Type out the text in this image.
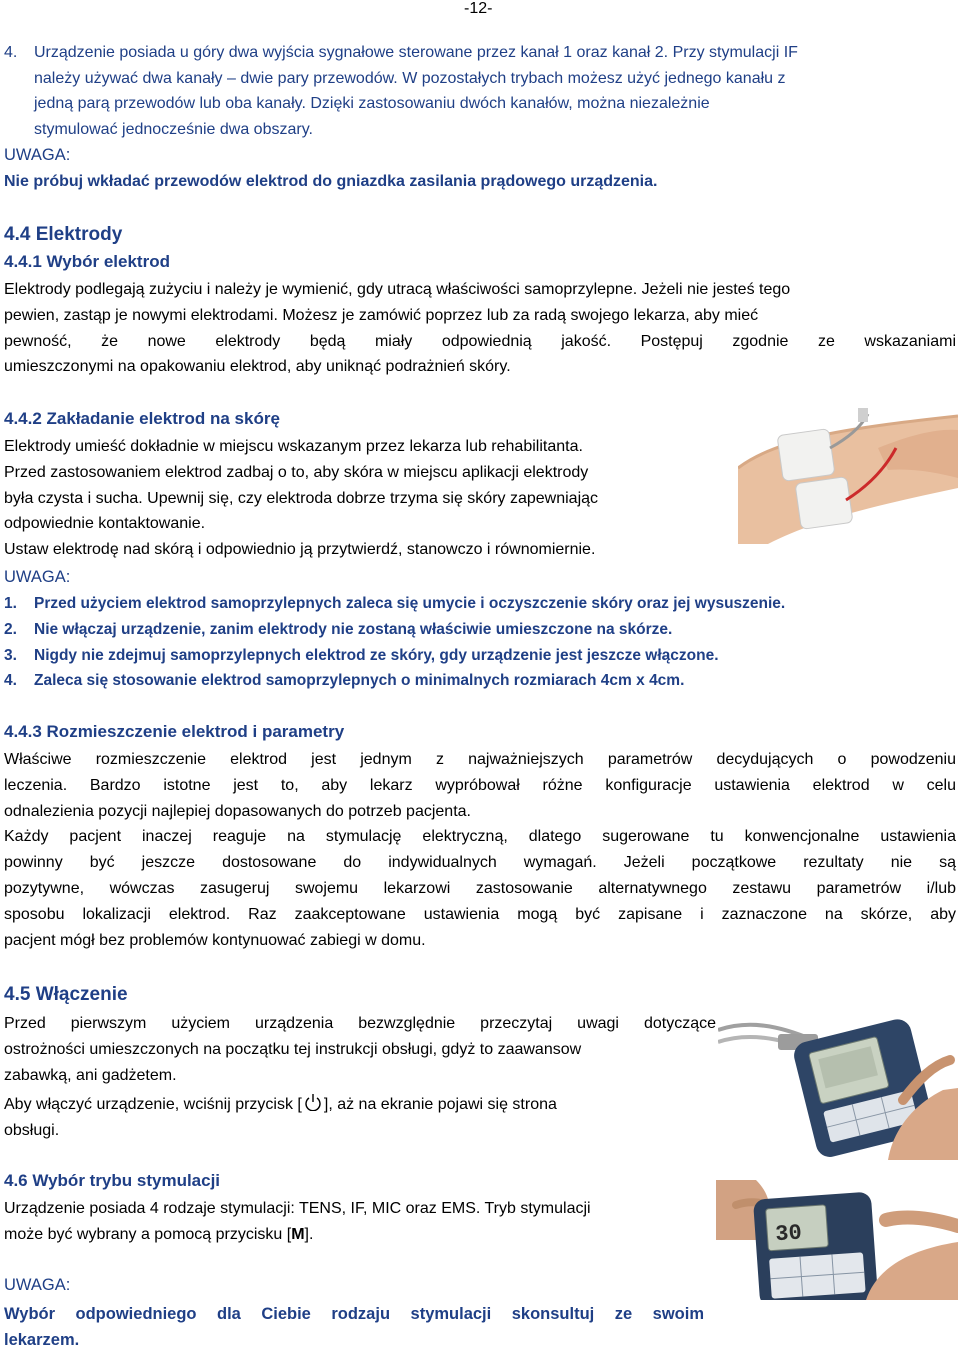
-12-
4. Urządzenie posiada u góry dwa wyjścia sygnałowe sterowane przez kanał 1 oraz kanał 2. Przy stymulacji IF
należy używać dwa kanały – dwie pary przewodów. W pozostałych trybach możesz użyć jednego kanału z
jedną parą przewodów lub oba kanały. Dzięki zastosowaniu dwóch kanałów, można niezależnie
stymulować jednocześnie dwa obszary.
UWAGA:
Nie próbuj wkładać przewodów elektrod do gniazdka zasilania prądowego urządzenia.
4.4 Elektrody
4.4.1 Wybór elektrod
Elektrody podlegają zużyciu i należy je wymienić, gdy utracą właściwości samoprzylepne. Jeżeli nie jesteś tego
pewien, zastąp je nowymi elektrodami. Możesz je zamówić poprzez lub za radą swojego lekarza, aby mieć
pewność, że nowe elektrody będą miały odpowiednią jakość. Postępuj zgodnie ze wskazaniami
umieszczonymi na opakowaniu elektrod, aby uniknąć podrażnień skóry.
4.4.2 Zakładanie elektrod na skórę
Elektrody umieść dokładnie w miejscu wskazanym przez lekarza lub rehabilitanta.
Przed zastosowaniem elektrod zadbaj o to, aby skóra w miejscu aplikacji elektrody
była czysta i sucha. Upewnij się, czy elektroda dobrze trzyma się skóry zapewniając
odpowiednie kontaktowanie.
Ustaw elektrodę nad skórą i odpowiednio ją przytwierdź, stanowczo i równomiernie.
UWAGA:
1. Przed użyciem elektrod samoprzylepnych zaleca się umycie i oczyszczenie skóry oraz jej wysuszenie.
2. Nie włączaj urządzenie, zanim elektrody nie zostaną właściwie umieszczone na skórze.
3. Nigdy nie zdejmuj samoprzylepnych elektrod ze skóry, gdy urządzenie jest jeszcze włączone.
4. Zaleca się stosowanie elektrod samoprzylepnych o minimalnych rozmiarach 4cm x 4cm.
4.4.3 Rozmieszczenie elektrod i parametry
Właściwe rozmieszczenie elektrod jest jednym z najważniejszych parametrów decydujących o powodzeniu
leczenia. Bardzo istotne jest to, aby lekarz wypróbował różne konfiguracje ustawienia elektrod w celu
odnalezienia pozycji najlepiej dopasowanych do potrzeb pacjenta.
Każdy pacjent inaczej reaguje na stymulację elektryczną, dlatego sugerowane tu konwencjonalne ustawienia
powinny być jeszcze dostosowane do indywidualnych wymagań. Jeżeli początkowe rezultaty nie są
pozytywne, wówczas zasugeruj swojemu lekarzowi zastosowanie alternatywnego zestawu parametrów i/lub
sposobu lokalizacji elektrod. Raz zaakceptowane ustawienia mogą być zapisane i zaznaczone na skórze, aby
pacjent mógł bez problemów kontynuować zabiegi w domu.
4.5 Włączenie
Przed pierwszym użyciem urządzenia bezwzględnie przeczytaj uwagi dotyczące
ostrożności umieszczonych na początku tej instrukcji obsługi, gdyż to zaawansow
zabawką, ani gadżetem.
Aby włączyć urządzenie, wciśnij przycisk [ ], aż na ekranie pojawi się strona
obsługi.
4.6 Wybór trybu stymulacji
Urządzenie posiada 4 rodzaje stymulacji: TENS, IF, MIC oraz EMS. Tryb stymulacji
może być wybrany a pomocą przycisku [M].
UWAGA:
Wybór odpowiedniego dla Ciebie rodzaju stymulacji skonsultuj ze swoim
lekarzem.
30
